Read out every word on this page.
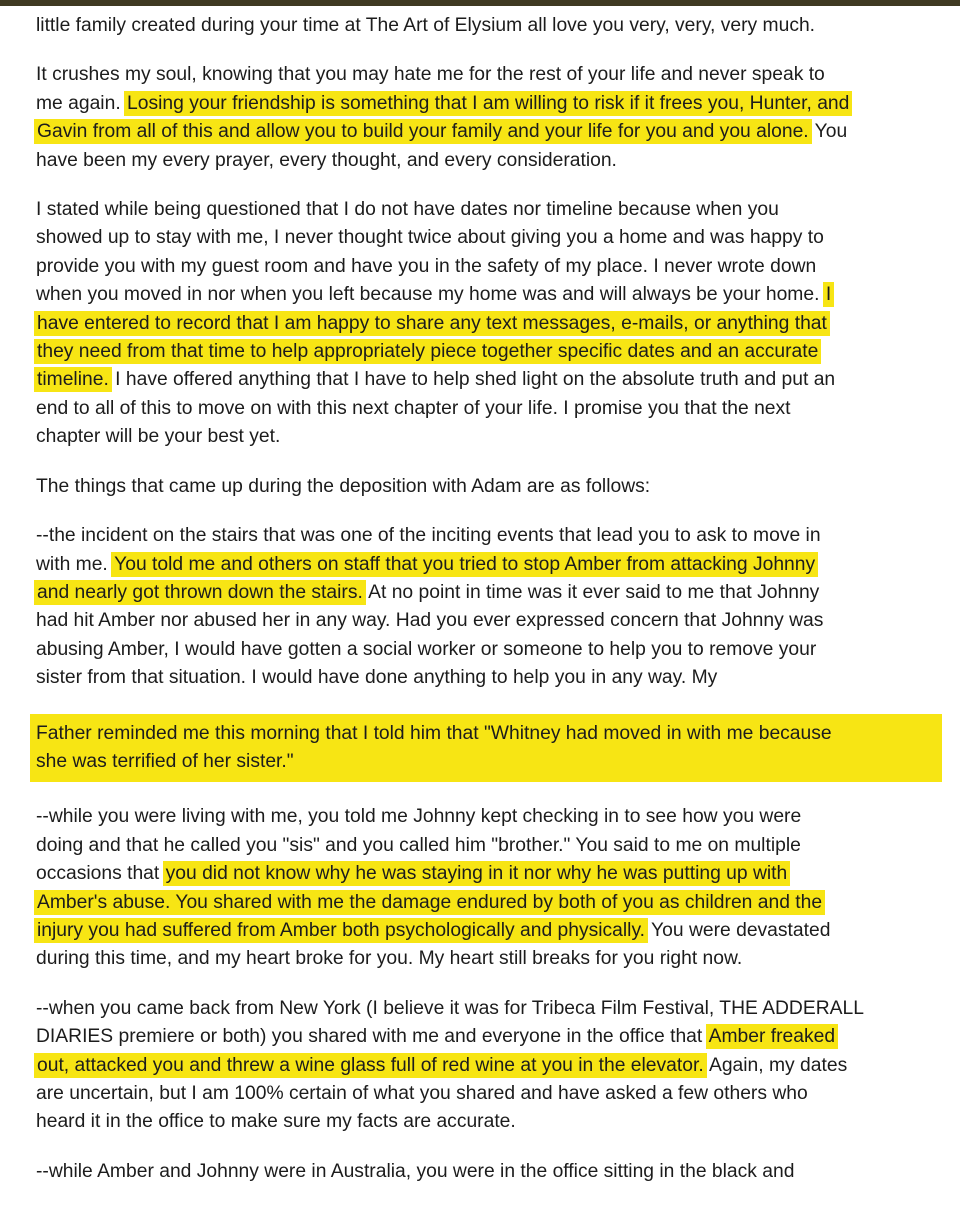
little family created during your time at The Art of Elysium all love you very, very, very much.

It crushes my soul, knowing that you may hate me for the rest of your life and never speak to
me again. Losing your friendship is something that I am willing to risk if it frees you, Hunter, and
Gavin from all of this and allow you to build your family and your life for you and you alone. You
have been my every prayer, every thought, and every consideration.

I stated while being questioned that I do not have dates nor timeline because when you
showed up to stay with me, I never thought twice about giving you a home and was happy to
provide you with my guest room and have you in the safety of my place. I never wrote down
when you moved in nor when you left because my home was and will always be your home. I
have entered to record that I am happy to share any text messages, e-mails, or anything that
they need from that time to help appropriately piece together specific dates and an accurate
timeline. I have offered anything that I have to help shed light on the absolute truth and put an
end to all of this to move on with this next chapter of your life. I promise you that the next
chapter will be your best yet.

The things that came up during the deposition with Adam are as follows:

--the incident on the stairs that was one of the inciting events that lead you to ask to move in
with me. You told me and others on staff that you tried to stop Amber from attacking Johnny
and nearly got thrown down the stairs. At no point in time was it ever said to me that Johnny
had hit Amber nor abused her in any way. Had you ever expressed concern that Johnny was
abusing Amber, I would have gotten a social worker or someone to help you to remove your
sister from that situation. I would have done anything to help you in any way. My

Father reminded me this morning that I told him that "Whitney had moved in with me because
she was terrified of her sister."

--while you were living with me, you told me Johnny kept checking in to see how you were
doing and that he called you "sis" and you called him "brother." You said to me on multiple
occasions that you did not know why he was staying in it nor why he was putting up with
Amber's abuse. You shared with me the damage endured by both of you as children and the
injury you had suffered from Amber both psychologically and physically. You were devastated
during this time, and my heart broke for you. My heart still breaks for you right now.

--when you came back from New York (I believe it was for Tribeca Film Festival, THE ADDERALL
DIARIES premiere or both) you shared with me and everyone in the office that Amber freaked
out, attacked you and threw a wine glass full of red wine at you in the elevator. Again, my dates
are uncertain, but I am 100% certain of what you shared and have asked a few others who
heard it in the office to make sure my facts are accurate.

--while Amber and Johnny were in Australia, you were in the office sitting in the black and
